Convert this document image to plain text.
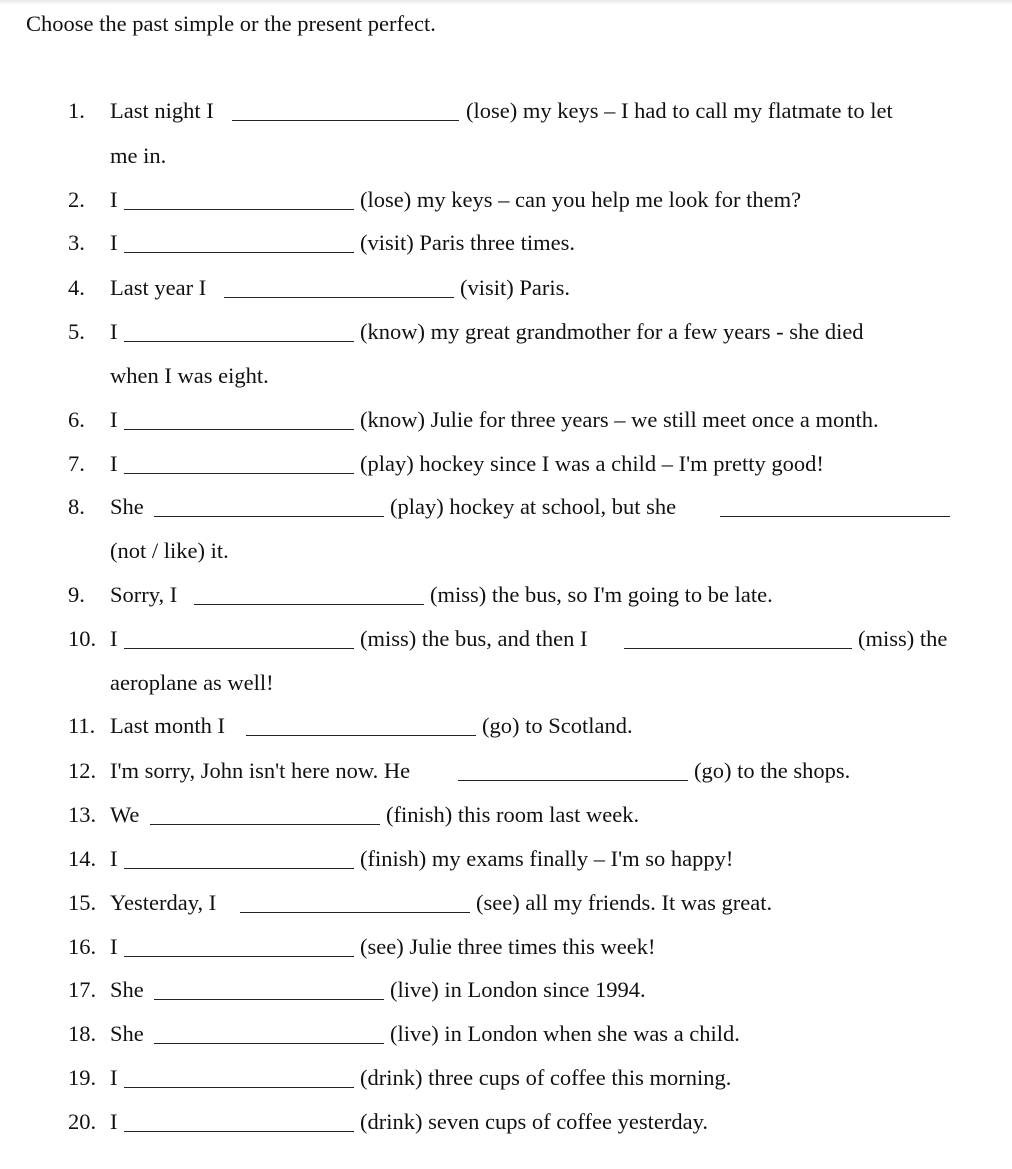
Choose the past simple or the present perfect.
1. Last night I	(lose) my keys – I had to call my flatmate to let
me in.
2. I	(lose) my keys – can you help me look for them?
3. I	(visit) Paris three times.
4. Last year I	(visit) Paris.
5. I	(know) my great grandmother for a few years - she died
when I was eight.
6. I	(know) Julie for three years – we still meet once a month.
7. I	(play) hockey since I was a child – I'm pretty good!
8. She	(play) hockey at school, but she
(not / like) it.
9. Sorry, I	(miss) the bus, so I'm going to be late.
10. I	(miss) the bus, and then I	(miss) the
aeroplane as well!
11. Last month I	(go) to Scotland.
12. I'm sorry, John isn't here now. He	(go) to the shops.
13. We	(finish) this room last week.
14. I	(finish) my exams finally – I'm so happy!
15. Yesterday, I	(see) all my friends. It was great.
16. I	(see) Julie three times this week!
17. She	(live) in London since 1994.
18. She	(live) in London when she was a child.
19. I	(drink) three cups of coffee this morning.
20. I	(drink) seven cups of coffee yesterday.
